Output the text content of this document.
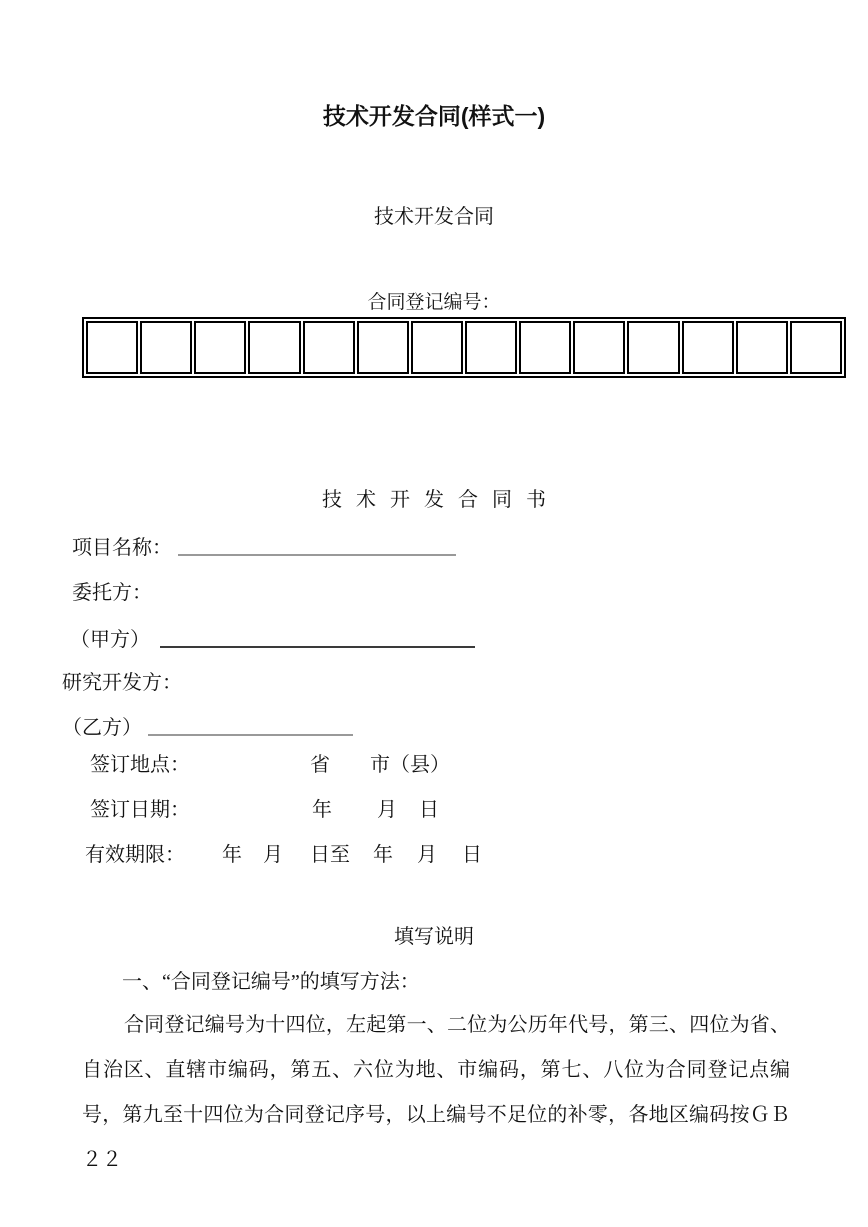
技术开发合同(样式一)
技术开发合同
合同登记编号：
技 术 开 发 合 同 书
项目名称：
委托方：
（甲方）
研究开发方：
（乙方）
签订地点：	省 市（县）
签订日期：	年 月 日
有效期限： 年 月 日至 年 月 日
填写说明
一、“合同登记编号”的填写方法：
合同登记编号为十四位，左起第一、二位为公历年代号，第三、四位为省、自治区、直辖市编码，第五、六位为地、市编码，第七、八位为合同登记点编号，第九至十四位为合同登记序号，以上编号不足位的补零，各地区编码按ＧＢ２２
